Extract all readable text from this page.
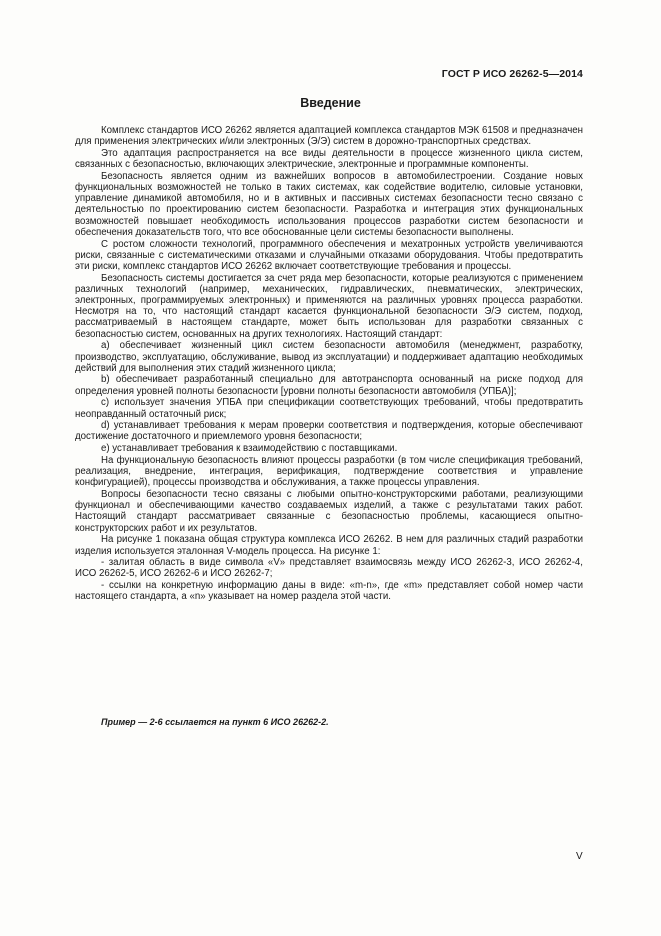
ГОСТ Р ИСО 26262-5—2014
Введение

Комплекс стандартов ИСО 26262 является адаптацией комплекса стандартов МЭК 61508 и предназначен для применения электрических и/или электронных (Э/Э) систем в дорожно-транспортных средствах.

Это адаптация распространяется на все виды деятельности в процессе жизненного цикла систем, связанных с безопасностью, включающих электрические, электронные и программные компоненты.

Безопасность является одним из важнейших вопросов в автомобилестроении. Создание новых функциональных возможностей не только в таких системах, как содействие водителю, силовые установки, управление динамикой автомобиля, но и в активных и пассивных системах безопасности тесно связано с деятельностью по проектированию систем безопасности. Разработка и интеграция этих функциональных возможностей повышает необходимость использования процессов разработки систем безопасности и обеспечения доказательств того, что все обоснованные цели системы безопасности выполнены.

С ростом сложности технологий, программного обеспечения и мехатронных устройств увеличиваются риски, связанные с систематическими отказами и случайными отказами оборудования. Чтобы предотвратить эти риски, комплекс стандартов ИСО 26262 включает соответствующие требования и процессы.

Безопасность системы достигается за счет ряда мер безопасности, которые реализуются с применением различных технологий (например, механических, гидравлических, пневматических, электрических, электронных, программируемых электронных) и применяются на различных уровнях процесса разработки. Несмотря на то, что настоящий стандарт касается функциональной безопасности Э/Э систем, подход, рассматриваемый в настоящем стандарте, может быть использован для разработки связанных с безопасностью систем, основанных на других технологиях. Настоящий стандарт:

а) обеспечивает жизненный цикл систем безопасности автомобиля (менеджмент, разработку, производство, эксплуатацию, обслуживание, вывод из эксплуатации) и поддерживает адаптацию необходимых действий для выполнения этих стадий жизненного цикла;

b) обеспечивает разработанный специально для автотранспорта основанный на риске подход для определения уровней полноты безопасности [уровни полноты безопасности автомобиля (УПБА)];

c) использует значения УПБА при спецификации соответствующих требований, чтобы предотвратить неоправданный остаточный риск;

d) устанавливает требования к мерам проверки соответствия и подтверждения, которые обеспечивают достижение достаточного и приемлемого уровня безопасности;

е) устанавливает требования к взаимодействию с поставщиками.

На функциональную безопасность влияют процессы разработки (в том числе спецификация требований, реализация, внедрение, интеграция, верификация, подтверждение соответствия и управление конфигурацией), процессы производства и обслуживания, а также процессы управления.

Вопросы безопасности тесно связаны с любыми опытно-конструкторскими работами, реализующими функционал и обеспечивающими качество создаваемых изделий, а также с результатами таких работ. Настоящий стандарт рассматривает связанные с безопасностью проблемы, касающиеся опытно-конструкторских работ и их результатов.

На рисунке 1 показана общая структура комплекса ИСО 26262. В нем для различных стадий разработки изделия используется эталонная V-модель процесса. На рисунке 1:

- залитая область в виде символа «V» представляет взаимосвязь между ИСО 26262-3, ИСО 26262-4, ИСО 26262-5, ИСО 26262-6 и ИСО 26262-7;

- ссылки на конкретную информацию даны в виде: «m-n», где «m» представляет собой номер части настоящего стандарта, а «n» указывает на номер раздела этой части.

Пример — 2-6 ссылается на пункт 6 ИСО 26262-2.
V
